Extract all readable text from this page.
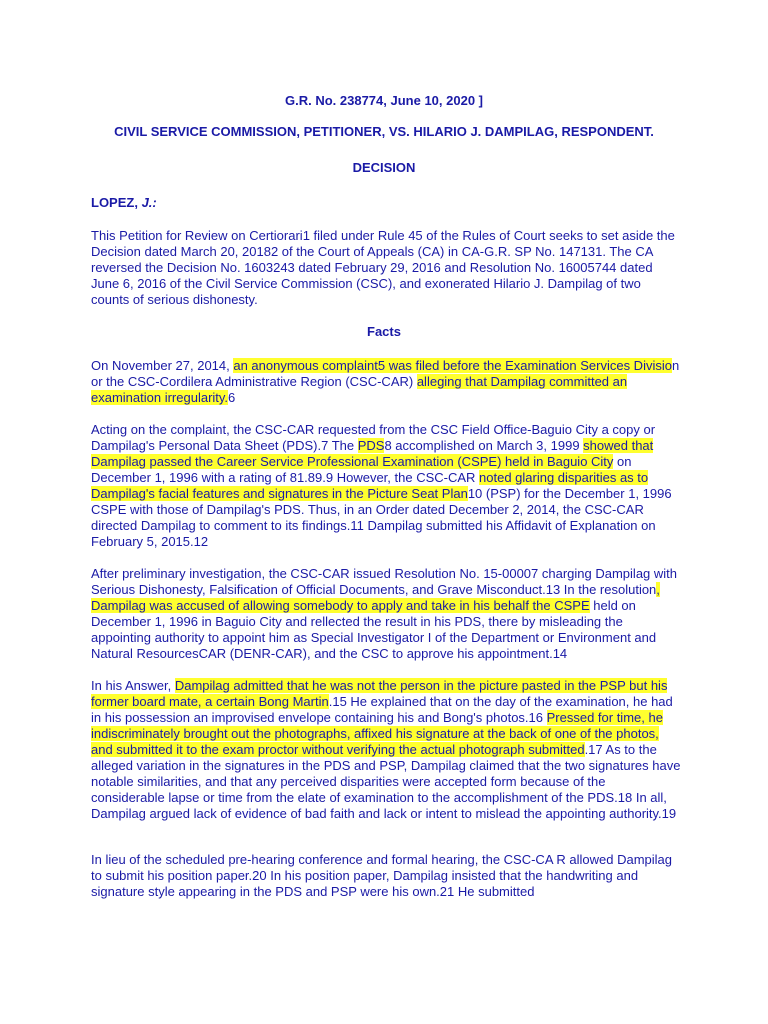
G.R. No. 238774, June 10, 2020 ]

CIVIL SERVICE COMMISSION, PETITIONER, VS. HILARIO J. DAMPILAG, RESPONDENT.

DECISION

LOPEZ, J.:

This Petition for Review on Certiorari1 filed under Rule 45 of the Rules of Court seeks to set aside the Decision dated March 20, 20182 of the Court of Appeals (CA) in CA-G.R. SP No. 147131. The CA reversed the Decision No. 1603243 dated February 29, 2016 and Resolution No. 16005744 dated June 6, 2016 of the Civil Service Commission (CSC), and exonerated Hilario J. Dampilag of two counts of serious dishonesty.

Facts

On November 27, 2014, an anonymous complaint5 was filed before the Examination Services Division or the CSC-Cordilera Administrative Region (CSC-CAR) alleging that Dampilag committed an examination irregularity.6

Acting on the complaint, the CSC-CAR requested from the CSC Field Office-Baguio City a copy or Dampilag's Personal Data Sheet (PDS).7 The PDS8 accomplished on March 3, 1999 showed that Dampilag passed the Career Service Professional Examination (CSPE) held in Baguio City on December 1, 1996 with a rating of 81.89.9 However, the CSC-CAR noted glaring disparities as to Dampilag's facial features and signatures in the Picture Seat Plan10 (PSP) for the December 1, 1996 CSPE with those of Dampilag's PDS. Thus, in an Order dated December 2, 2014, the CSC-CAR directed Dampilag to comment to its findings.11 Dampilag submitted his Affidavit of Explanation on February 5, 2015.12

After preliminary investigation, the CSC-CAR issued Resolution No. 15-00007 charging Dampilag with Serious Dishonesty, Falsification of Official Documents, and Grave Misconduct.13 In the resolution, Dampilag was accused of allowing somebody to apply and take in his behalf the CSPE held on December 1, 1996 in Baguio City and rellected the result in his PDS, there by misleading the appointing authority to appoint him as Special Investigator I of the Department or Environment and Natural ResourcesCAR (DENR-CAR), and the CSC to approve his appointment.14

In his Answer, Dampilag admitted that he was not the person in the picture pasted in the PSP but his former board mate, a certain Bong Martin.15 He explained that on the day of the examination, he had in his possession an improvised envelope containing his and Bong's photos.16 Pressed for time, he indiscriminately brought out the photographs, affixed his signature at the back of one of the photos, and submitted it to the exam proctor without verifying the actual photograph submitted.17 As to the alleged variation in the signatures in the PDS and PSP, Dampilag claimed that the two signatures have notable similarities, and that any perceived disparities were accepted form because of the considerable lapse or time from the elate of examination to the accomplishment of the PDS.18 In all, Dampilag argued lack of evidence of bad faith and lack or intent to mislead the appointing authority.19

In lieu of the scheduled pre-hearing conference and formal hearing, the CSC-CA R allowed Dampilag to submit his position paper.20 In his position paper, Dampilag insisted that the handwriting and signature style appearing in the PDS and PSP were his own.21 He submitted
